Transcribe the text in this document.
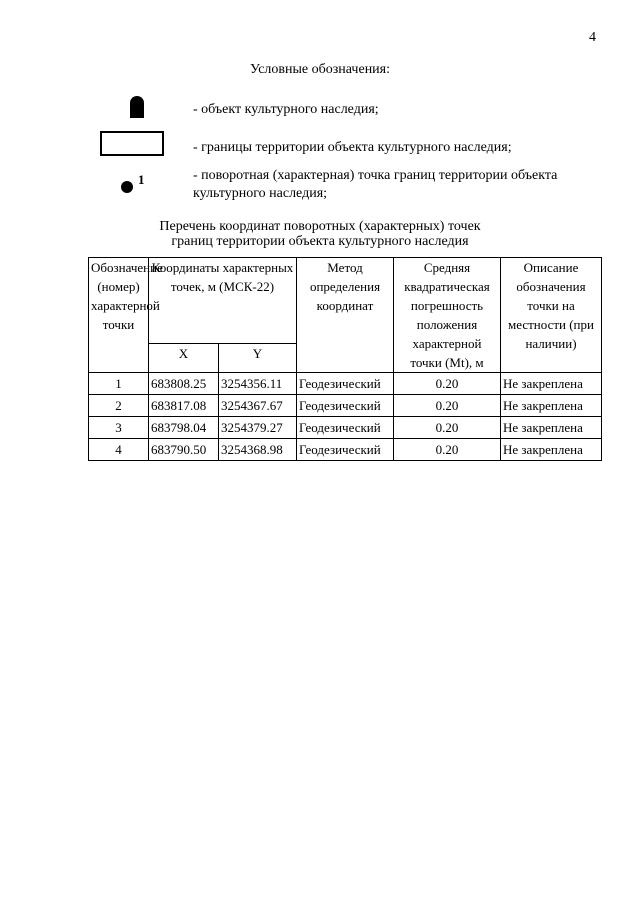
4
Условные обозначения:
- объект культурного наследия;
- границы территории объекта культурного наследия;
1	- поворотная (характерная) точка границ территории объекта
культурного наследия;
Перечень координат поворотных (характерных) точек
границ территории объекта культурного наследия
Обозначение (номер) характерной точки	Координаты характерных точек, м (МСК-22)		Метод определения координат	Средняя квадратическая погрешность положения характерной точки (Mt), м	Описание обозначения точки на местности (при наличии)
	X	Y			
1	683808.25	3254356.11	Геодезический	0.20	Не закреплена
2	683817.08	3254367.67	Геодезический	0.20	Не закреплена
3	683798.04	3254379.27	Геодезический	0.20	Не закреплена
4	683790.50	3254368.98	Геодезический	0.20	Не закреплена
